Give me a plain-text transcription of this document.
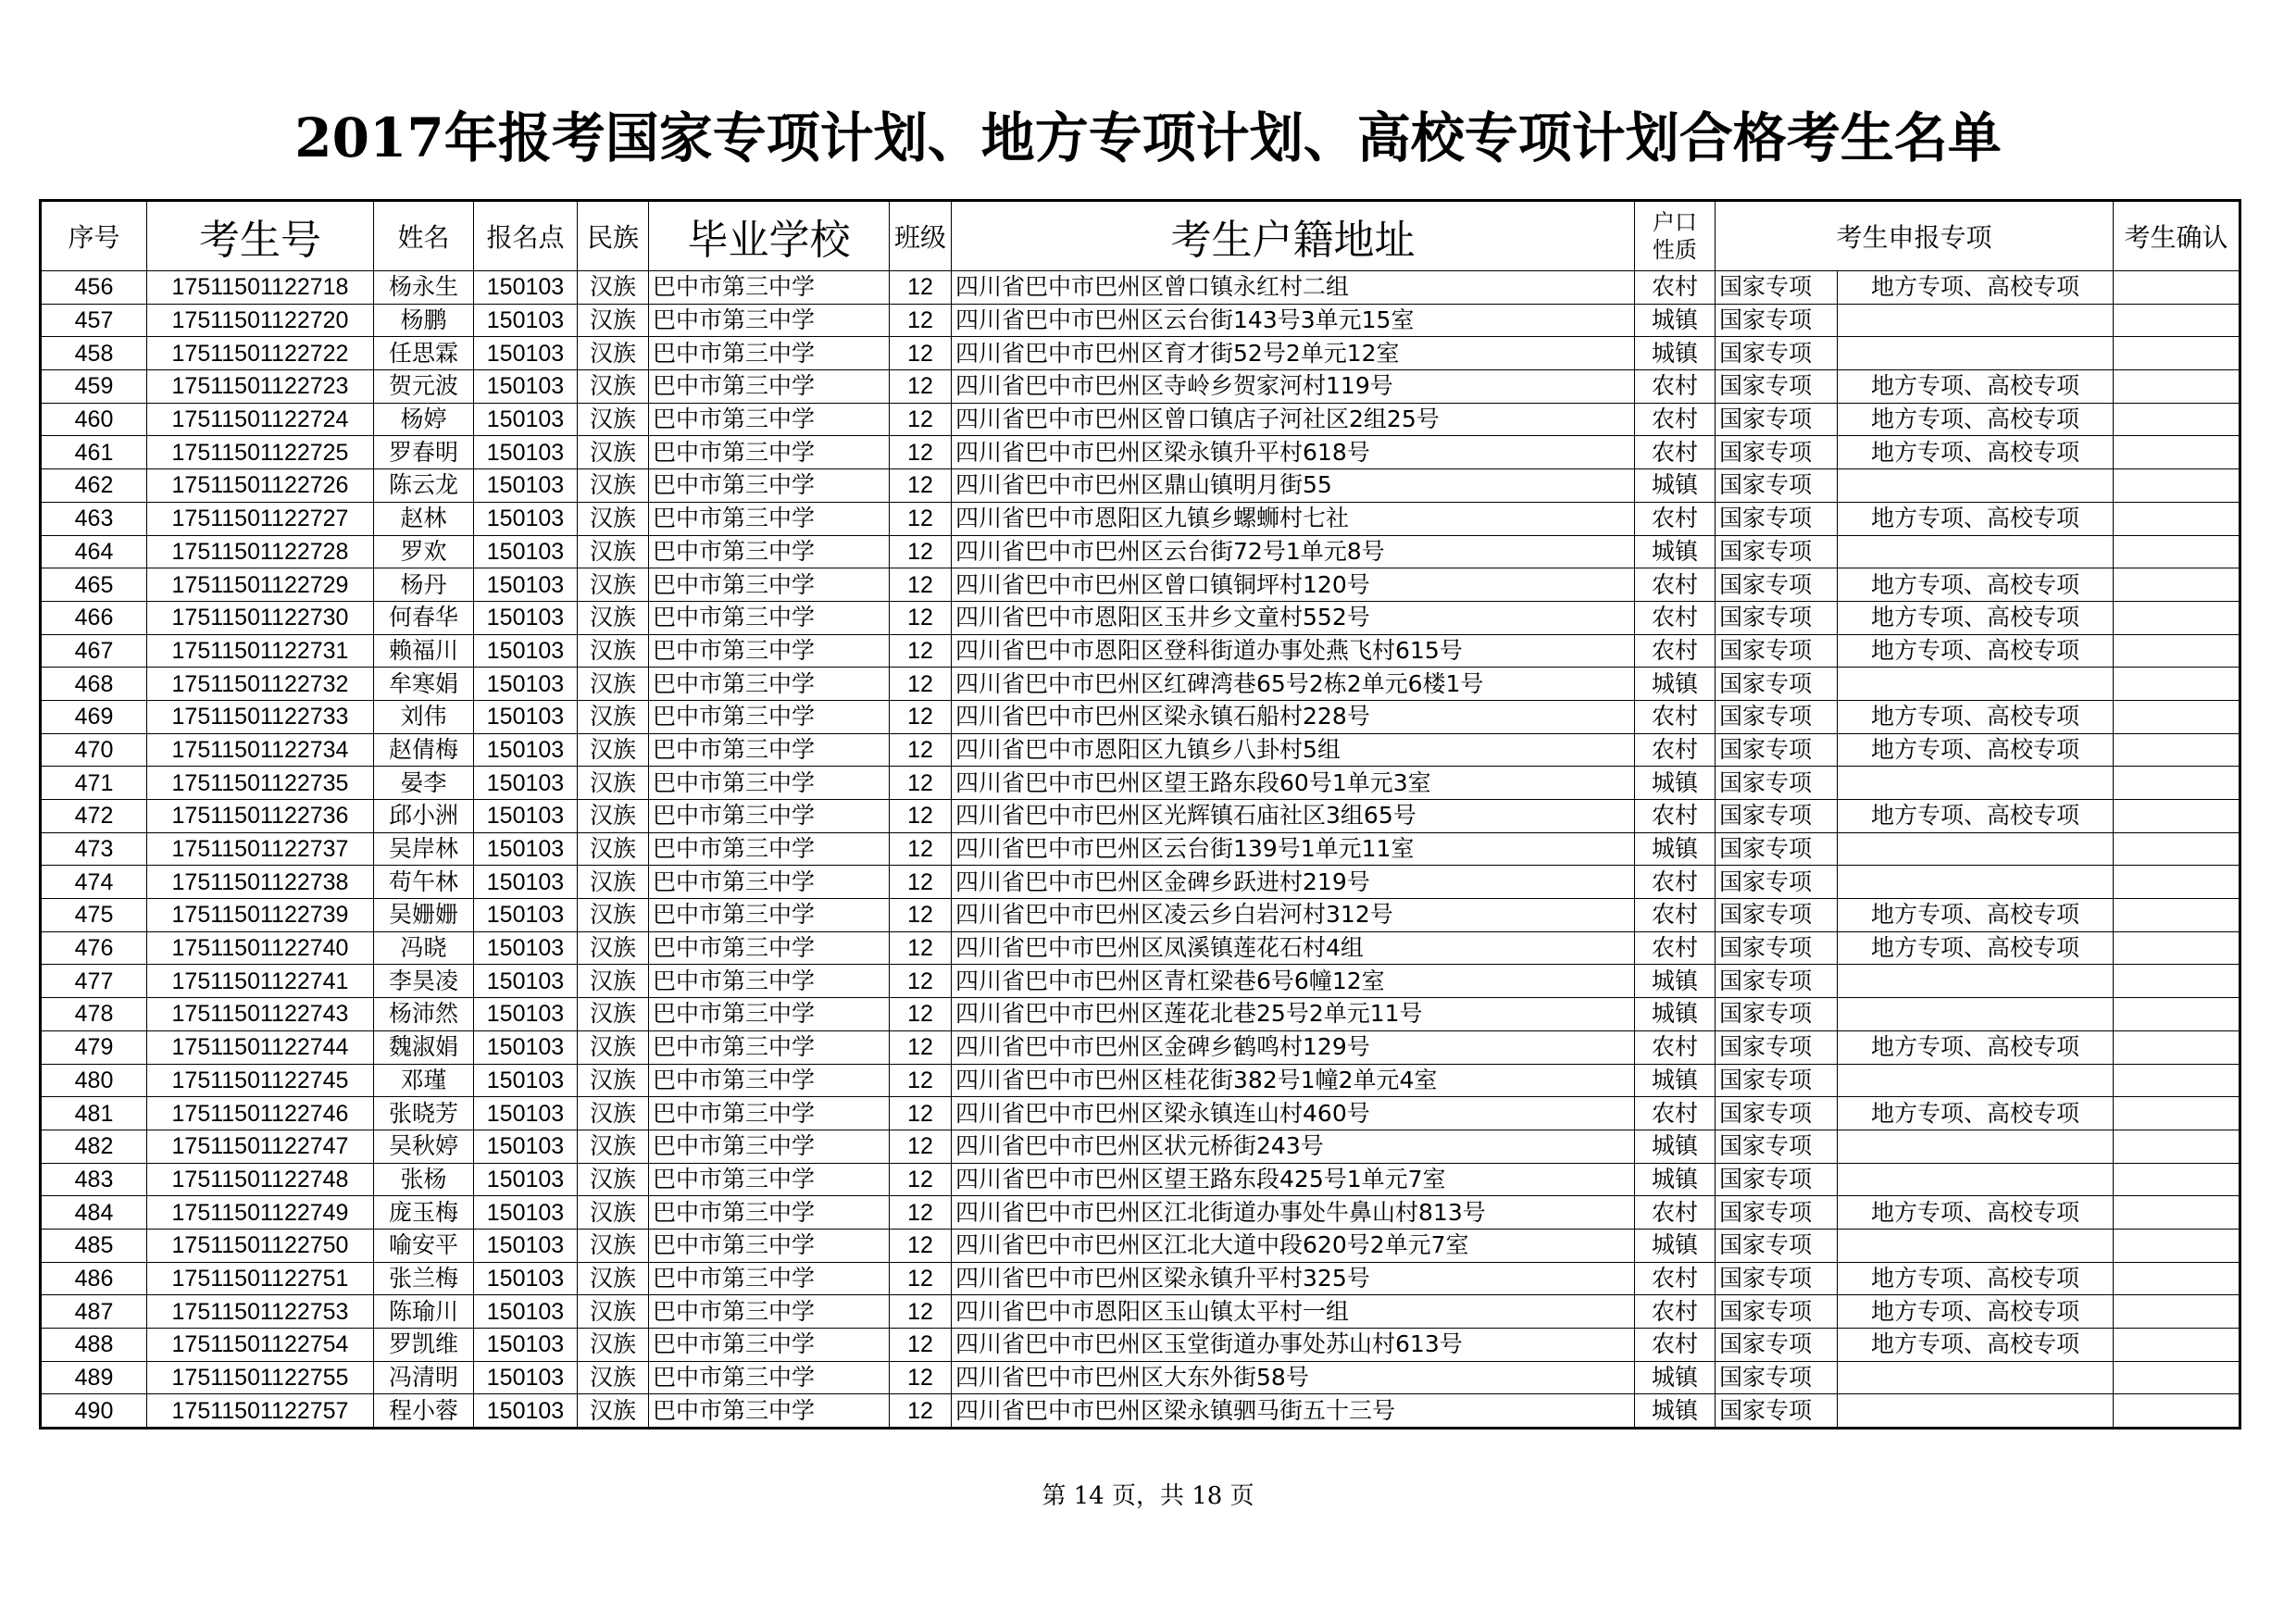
2017年报考国家专项计划、地方专项计划、高校专项计划合格考生名单
序号	考生号	姓名	报名点	民族	毕业学校	班级	考生户籍地址	户口
性质	考生申报专项		考生确认
456	17511501122718	杨永生	150103	汉族	巴中市第三中学	12	四川省巴中市巴州区曾口镇永红村二组	农村	国家专项	地方专项、高校专项	
457	17511501122720	杨鹏	150103	汉族	巴中市第三中学	12	四川省巴中市巴州区云台街143号3单元15室	城镇	国家专项		
458	17511501122722	任思霖	150103	汉族	巴中市第三中学	12	四川省巴中市巴州区育才街52号2单元12室	城镇	国家专项		
459	17511501122723	贺元波	150103	汉族	巴中市第三中学	12	四川省巴中市巴州区寺岭乡贺家河村119号	农村	国家专项	地方专项、高校专项	
460	17511501122724	杨婷	150103	汉族	巴中市第三中学	12	四川省巴中市巴州区曾口镇店子河社区2组25号	农村	国家专项	地方专项、高校专项	
461	17511501122725	罗春明	150103	汉族	巴中市第三中学	12	四川省巴中市巴州区梁永镇升平村618号	农村	国家专项	地方专项、高校专项	
462	17511501122726	陈云龙	150103	汉族	巴中市第三中学	12	四川省巴中市巴州区鼎山镇明月街55	城镇	国家专项		
463	17511501122727	赵林	150103	汉族	巴中市第三中学	12	四川省巴中市恩阳区九镇乡螺蛳村七社	农村	国家专项	地方专项、高校专项	
464	17511501122728	罗欢	150103	汉族	巴中市第三中学	12	四川省巴中市巴州区云台街72号1单元8号	城镇	国家专项		
465	17511501122729	杨丹	150103	汉族	巴中市第三中学	12	四川省巴中市巴州区曾口镇铜坪村120号	农村	国家专项	地方专项、高校专项	
466	17511501122730	何春华	150103	汉族	巴中市第三中学	12	四川省巴中市恩阳区玉井乡文童村552号	农村	国家专项	地方专项、高校专项	
467	17511501122731	赖福川	150103	汉族	巴中市第三中学	12	四川省巴中市恩阳区登科街道办事处燕飞村615号	农村	国家专项	地方专项、高校专项	
468	17511501122732	牟寒娟	150103	汉族	巴中市第三中学	12	四川省巴中市巴州区红碑湾巷65号2栋2单元6楼1号	城镇	国家专项		
469	17511501122733	刘伟	150103	汉族	巴中市第三中学	12	四川省巴中市巴州区梁永镇石船村228号	农村	国家专项	地方专项、高校专项	
470	17511501122734	赵倩梅	150103	汉族	巴中市第三中学	12	四川省巴中市恩阳区九镇乡八卦村5组	农村	国家专项	地方专项、高校专项	
471	17511501122735	晏李	150103	汉族	巴中市第三中学	12	四川省巴中市巴州区望王路东段60号1单元3室	城镇	国家专项		
472	17511501122736	邱小洲	150103	汉族	巴中市第三中学	12	四川省巴中市巴州区光辉镇石庙社区3组65号	农村	国家专项	地方专项、高校专项	
473	17511501122737	吴岸林	150103	汉族	巴中市第三中学	12	四川省巴中市巴州区云台街139号1单元11室	城镇	国家专项		
474	17511501122738	苟午林	150103	汉族	巴中市第三中学	12	四川省巴中市巴州区金碑乡跃进村219号	农村	国家专项		
475	17511501122739	吴姗姗	150103	汉族	巴中市第三中学	12	四川省巴中市巴州区凌云乡白岩河村312号	农村	国家专项	地方专项、高校专项	
476	17511501122740	冯晓	150103	汉族	巴中市第三中学	12	四川省巴中市巴州区凤溪镇莲花石村4组	农村	国家专项	地方专项、高校专项	
477	17511501122741	李昊凌	150103	汉族	巴中市第三中学	12	四川省巴中市巴州区青杠梁巷6号6幢12室	城镇	国家专项		
478	17511501122743	杨沛然	150103	汉族	巴中市第三中学	12	四川省巴中市巴州区莲花北巷25号2单元11号	城镇	国家专项		
479	17511501122744	魏淑娟	150103	汉族	巴中市第三中学	12	四川省巴中市巴州区金碑乡鹤鸣村129号	农村	国家专项	地方专项、高校专项	
480	17511501122745	邓瑾	150103	汉族	巴中市第三中学	12	四川省巴中市巴州区桂花街382号1幢2单元4室	城镇	国家专项		
481	17511501122746	张晓芳	150103	汉族	巴中市第三中学	12	四川省巴中市巴州区梁永镇连山村460号	农村	国家专项	地方专项、高校专项	
482	17511501122747	吴秋婷	150103	汉族	巴中市第三中学	12	四川省巴中市巴州区状元桥街243号	城镇	国家专项		
483	17511501122748	张杨	150103	汉族	巴中市第三中学	12	四川省巴中市巴州区望王路东段425号1单元7室	城镇	国家专项		
484	17511501122749	庞玉梅	150103	汉族	巴中市第三中学	12	四川省巴中市巴州区江北街道办事处牛鼻山村813号	农村	国家专项	地方专项、高校专项	
485	17511501122750	喻安平	150103	汉族	巴中市第三中学	12	四川省巴中市巴州区江北大道中段620号2单元7室	城镇	国家专项		
486	17511501122751	张兰梅	150103	汉族	巴中市第三中学	12	四川省巴中市巴州区梁永镇升平村325号	农村	国家专项	地方专项、高校专项	
487	17511501122753	陈瑜川	150103	汉族	巴中市第三中学	12	四川省巴中市恩阳区玉山镇太平村一组	农村	国家专项	地方专项、高校专项	
488	17511501122754	罗凯维	150103	汉族	巴中市第三中学	12	四川省巴中市巴州区玉堂街道办事处苏山村613号	农村	国家专项	地方专项、高校专项	
489	17511501122755	冯清明	150103	汉族	巴中市第三中学	12	四川省巴中市巴州区大东外街58号	城镇	国家专项		
490	17511501122757	程小蓉	150103	汉族	巴中市第三中学	12	四川省巴中市巴州区梁永镇驷马街五十三号	城镇	国家专项		
第 14 页，共 18 页
